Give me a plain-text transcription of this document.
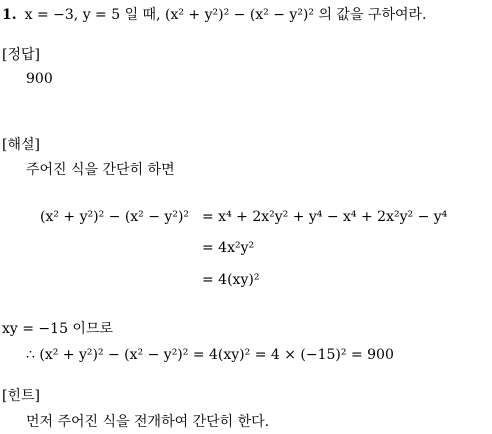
1. x = −3, y = 5 일 때, (x² + y²)² − (x² − y²)² 의 값을 구하여라.
[정답]
900
[해설]
주어진 식을 간단히 하면
(x² + y²)² − (x² − y²)² = x⁴ + 2x²y² + y⁴ − x⁴ + 2x²y² − y⁴
= 4x²y²
= 4(xy)²
xy = −15 이므로
∴ (x² + y²)² − (x² − y²)² = 4(xy)² = 4 × (−15)² = 900
[힌트]
먼저 주어진 식을 전개하여 간단히 한다.
